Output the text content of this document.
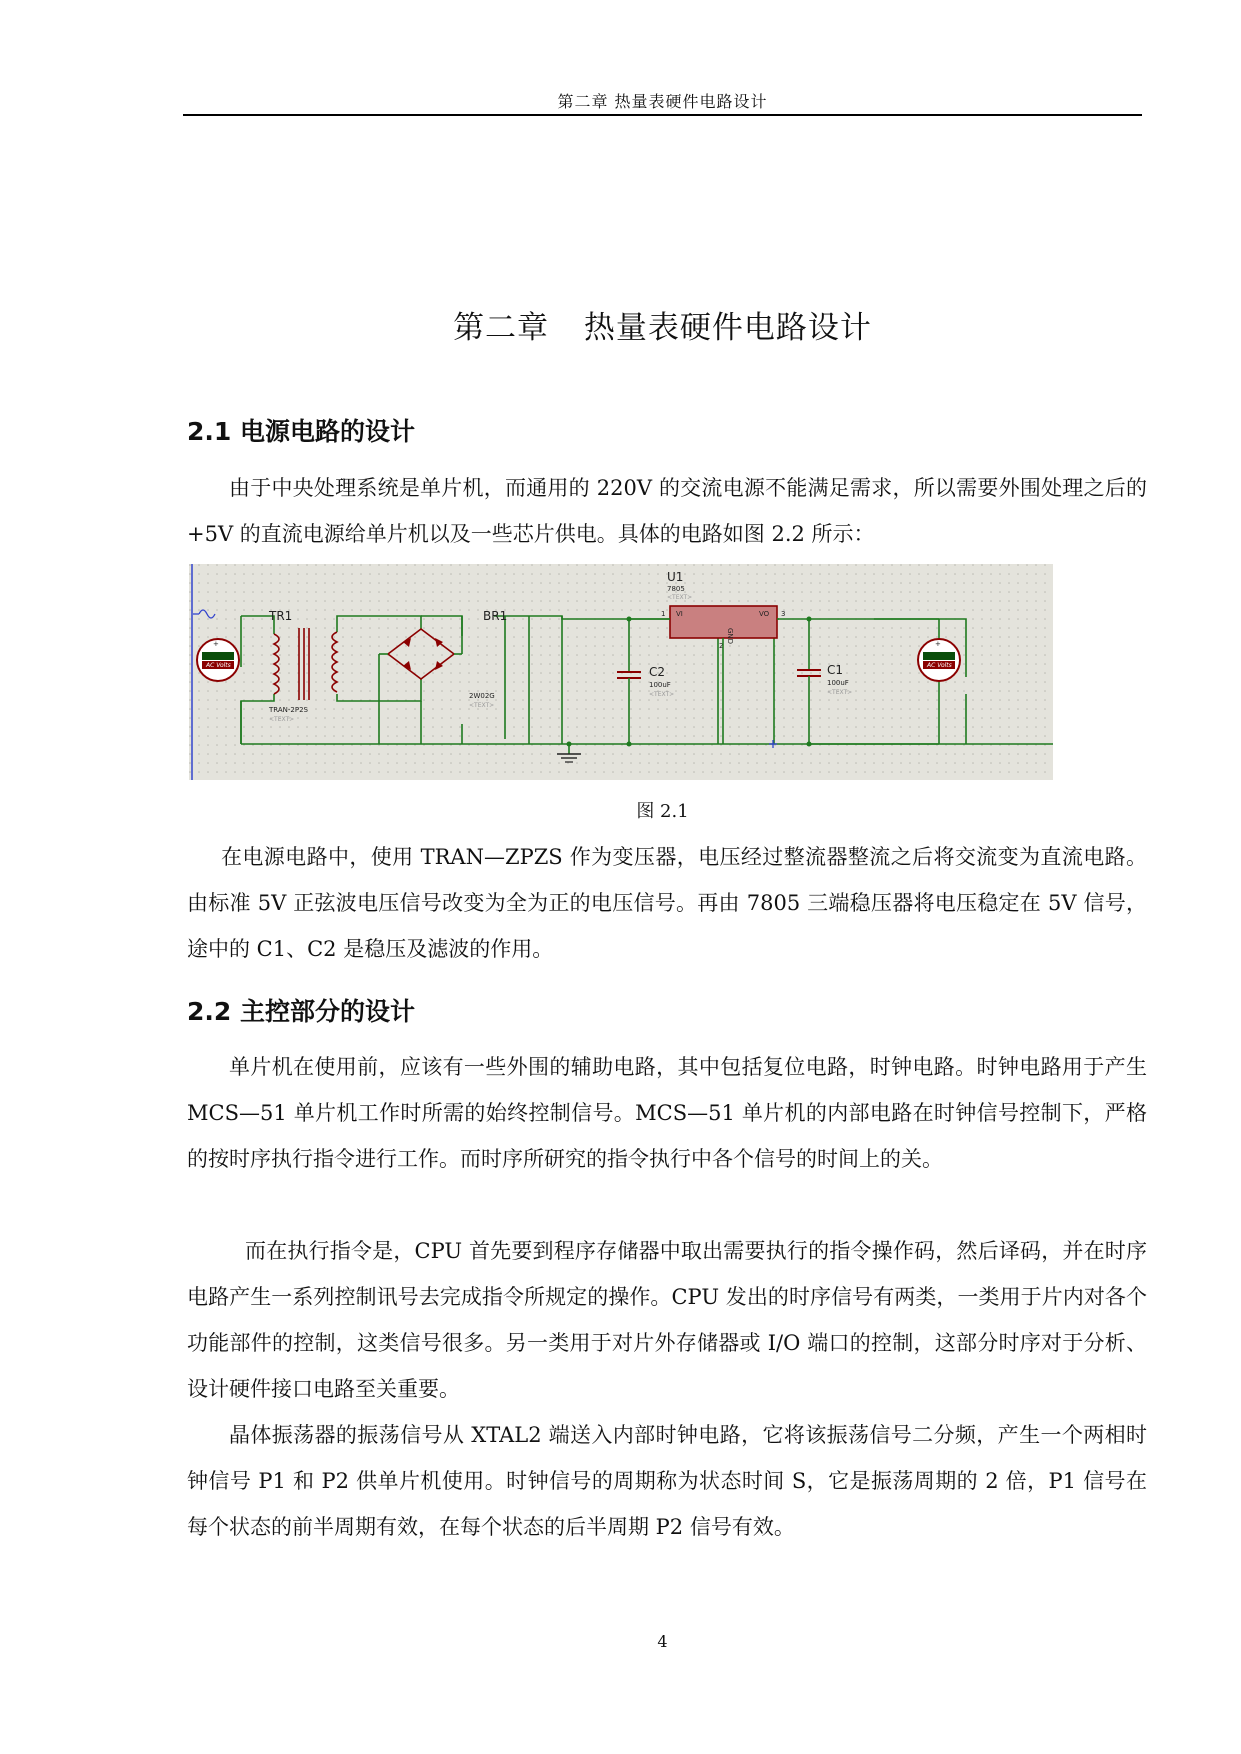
第二章 热量表硬件电路设计
第二章 热量表硬件电路设计
2.1 电源电路的设计

由于中央处理系统是单片机，而通用的 220V 的交流电源不能满足需求，所以需要外围处理之后的+5V 的直流电源给单片机以及一些芯片供电。具体的电路如图 2.2 所示：

AC Volts
+
TR1
TRAN-2P2S
<TEXT>
BR1
2W02G
<TEXT>
C2
100uF
<TEXT>
U1
7805
<TEXT>
VI	VO
GND
1
2
3
C1
100uF
<TEXT>
AC Volts
+
图 2.1

在电源电路中，使用 TRAN—ZPZS 作为变压器，电压经过整流器整流之后将交流变为直流电路。由标准 5V 正弦波电压信号改变为全为正的电压信号。再由 7805 三端稳压器将电压稳定在 5V 信号，途中的 C1、C2 是稳压及滤波的作用。

2.2 主控部分的设计

单片机在使用前，应该有一些外围的辅助电路，其中包括复位电路，时钟电路。时钟电路用于产生 MCS—51 单片机工作时所需的始终控制信号。MCS—51 单片机的内部电路在时钟信号控制下，严格的按时序执行指令进行工作。而时序所研究的指令执行中各个信号的时间上的关。

而在执行指令是，CPU 首先要到程序存储器中取出需要执行的指令操作码，然后译码，并在时序电路产生一系列控制讯号去完成指令所规定的操作。CPU 发出的时序信号有两类，一类用于片内对各个功能部件的控制，这类信号很多。另一类用于对片外存储器或 I/O 端口的控制，这部分时序对于分析、设计硬件接口电路至关重要。

晶体振荡器的振荡信号从 XTAL2 端送入内部时钟电路，它将该振荡信号二分频，产生一个两相时钟信号 P1 和 P2 供单片机使用。时钟信号的周期称为状态时间 S，它是振荡周期的 2 倍，P1 信号在每个状态的前半周期有效，在每个状态的后半周期 P2 信号有效。

4
